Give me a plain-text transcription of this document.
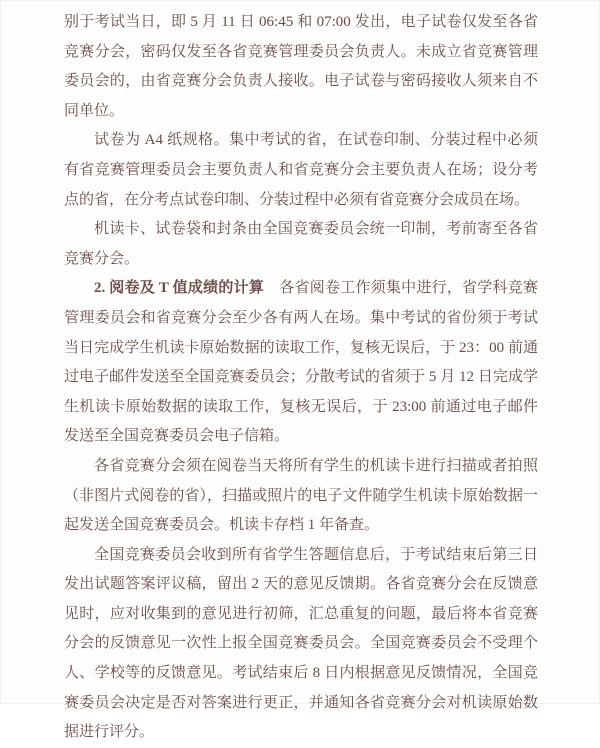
别于考试当日，即 5 月 11 日 06:45 和 07:00 发出，电子试卷仅发至各省竞赛分会，密码仅发至各省竞赛管理委员会负责人。未成立省竞赛管理委员会的，由省竞赛分会负责人接收。电子试卷与密码接收人须来自不同单位。

试卷为 A4 纸规格。集中考试的省，在试卷印制、分装过程中必须有省竞赛管理委员会主要负责人和省竞赛分会主要负责人在场；设分考点的省，在分考点试卷印制、分装过程中必须有省竞赛分会成员在场。

机读卡、试卷袋和封条由全国竞赛委员会统一印制，考前寄至各省竞赛分会。

2. 阅卷及 T 值成绩的计算　各省阅卷工作须集中进行，省学科竞赛管理委员会和省竞赛分会至少各有两人在场。集中考试的省份须于考试当日完成学生机读卡原始数据的读取工作，复核无误后，于 23：00 前通过电子邮件发送至全国竞赛委员会；分散考试的省须于 5 月 12 日完成学生机读卡原始数据的读取工作，复核无误后，于 23:00 前通过电子邮件发送至全国竞赛委员会电子信箱。

各省竞赛分会须在阅卷当天将所有学生的机读卡进行扫描或者拍照（非图片式阅卷的省），扫描或照片的电子文件随学生机读卡原始数据一起发送全国竞赛委员会。机读卡存档 1 年备查。

全国竞赛委员会收到所有省学生答题信息后，于考试结束后第三日发出试题答案评议稿，留出 2 天的意见反馈期。各省竞赛分会在反馈意见时，应对收集到的意见进行初筛，汇总重复的问题，最后将本省竞赛分会的反馈意见一次性上报全国竞赛委员会。全国竞赛委员会不受理个人、学校等的反馈意见。考试结束后 8 日内根据意见反馈情况，全国竞赛委员会决定是否对答案进行更正，并通知各省竞赛分会对机读原始数据进行评分。
